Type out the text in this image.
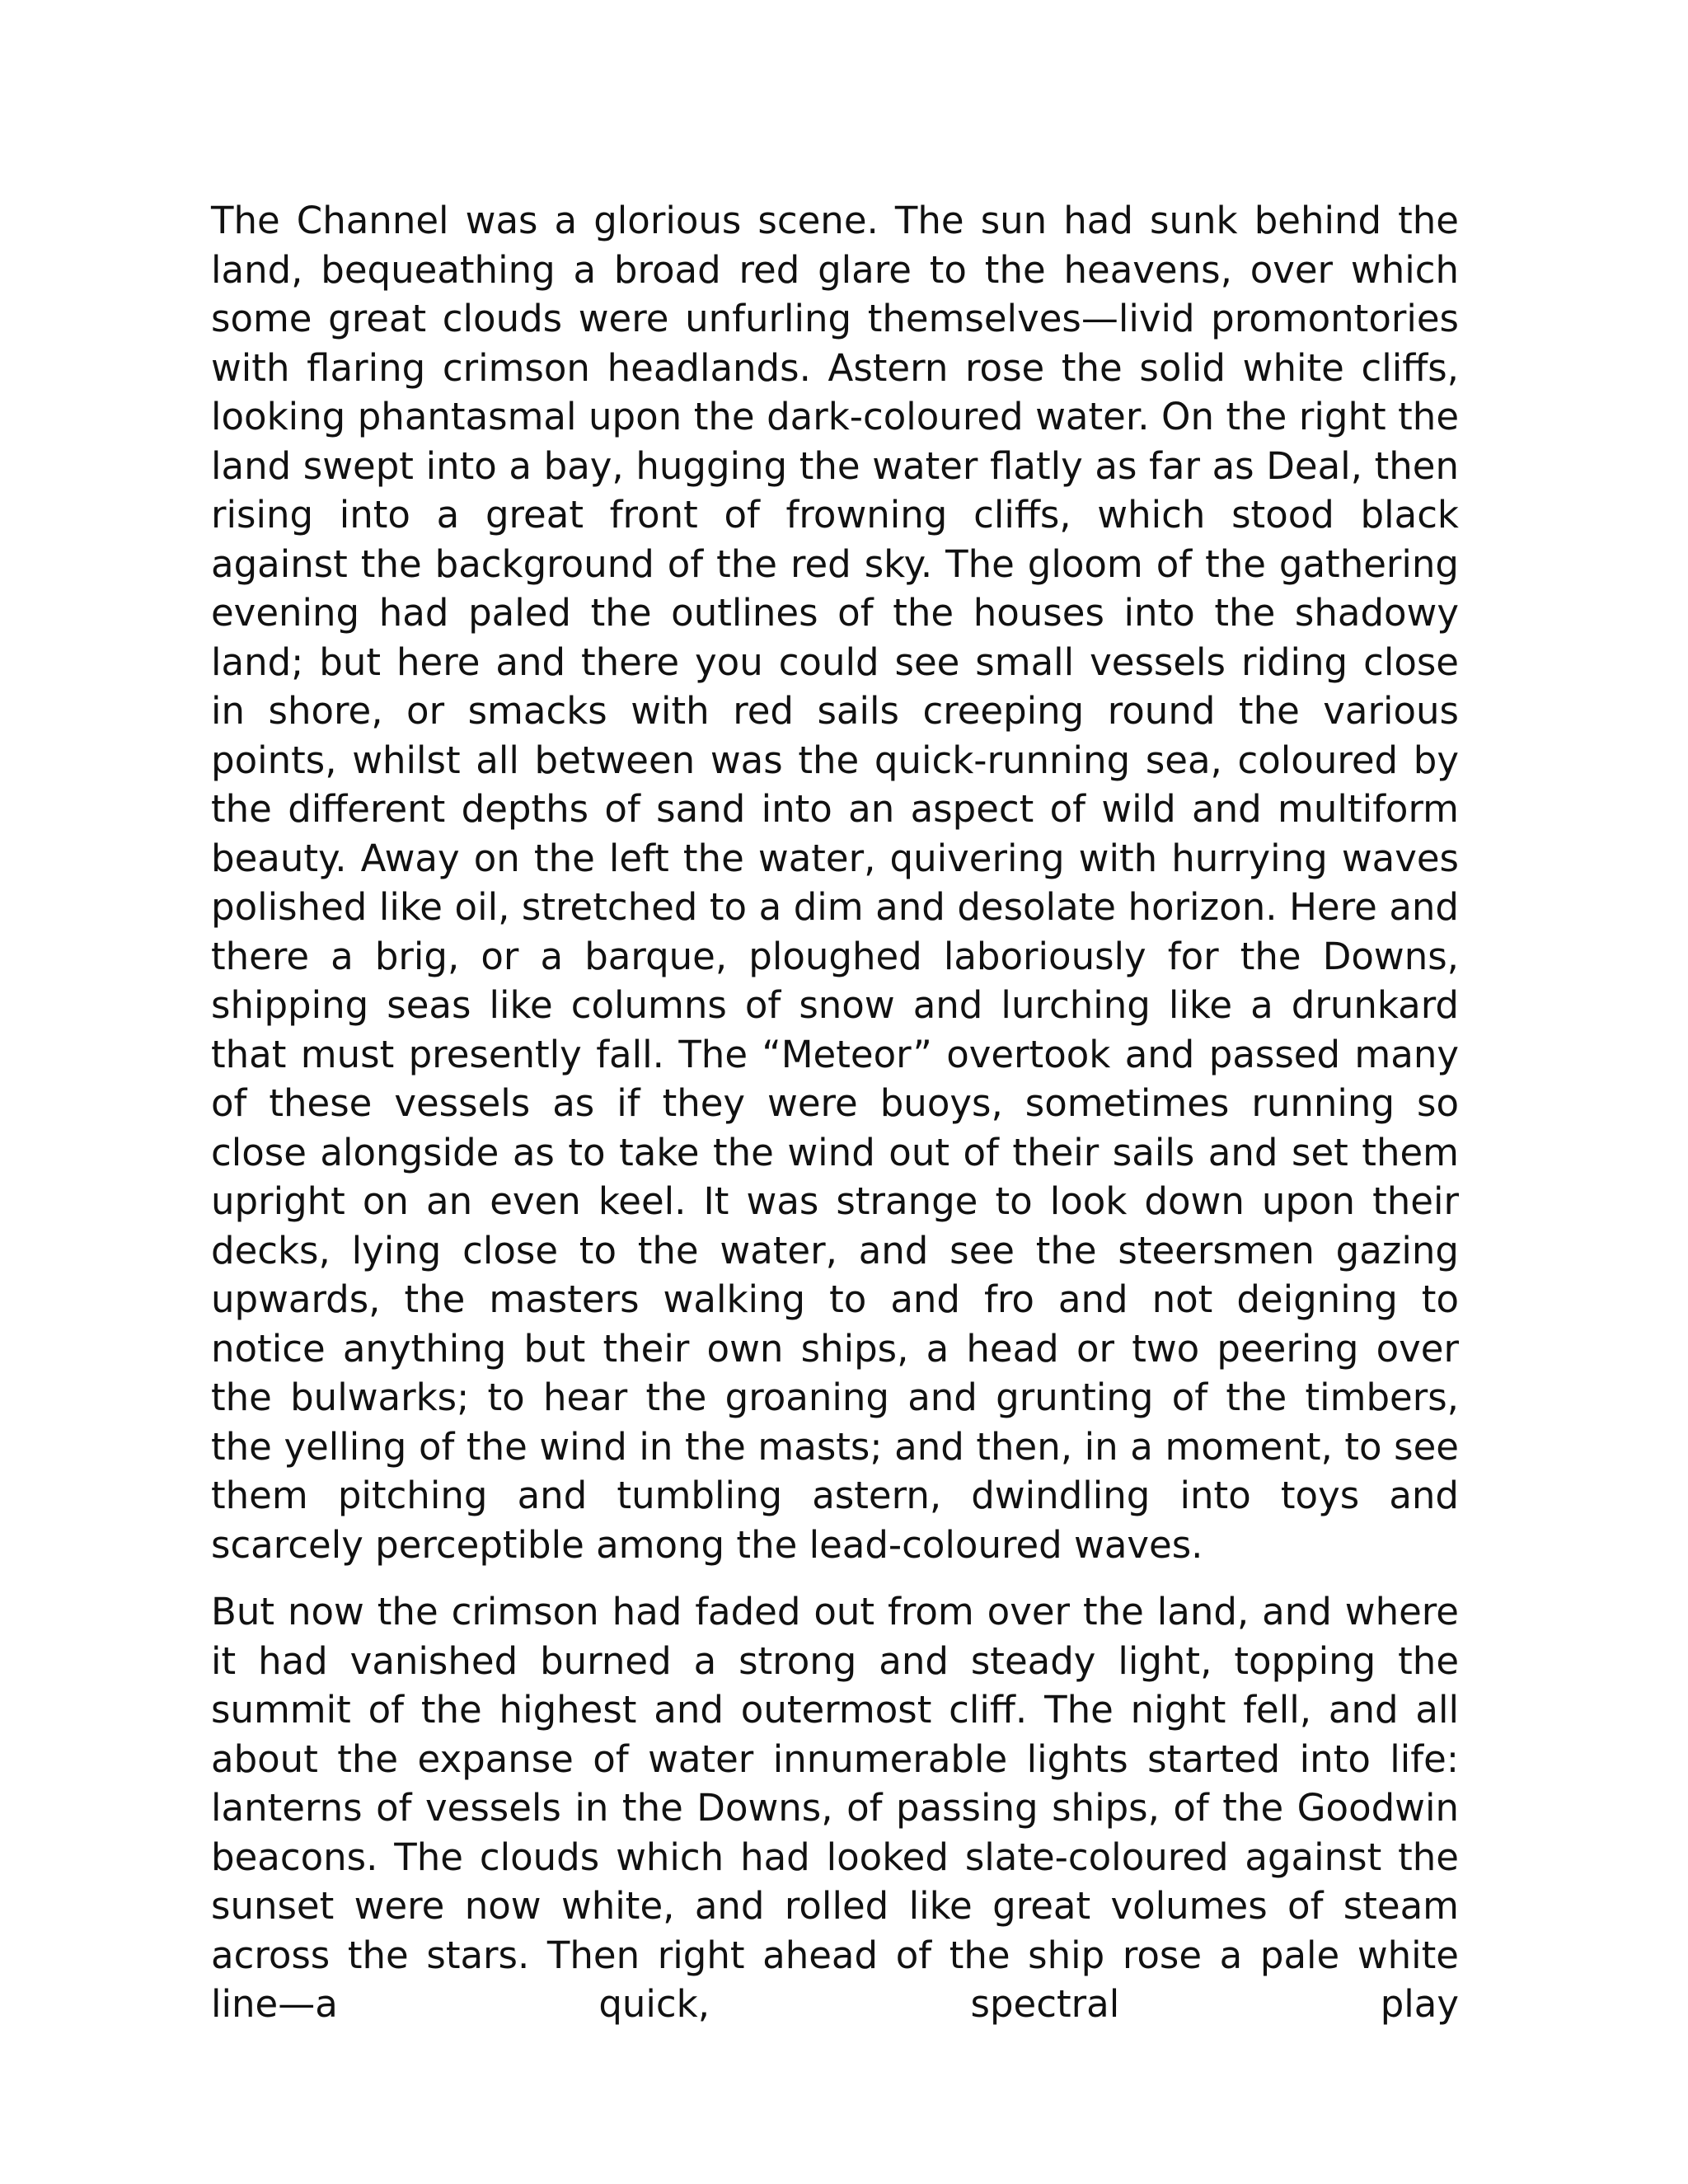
The Channel was a glorious scene. The sun had sunk behind the land, bequeathing a broad red glare to the heavens, over which some great clouds were unfurling themselves—livid promontories with flaring crimson headlands. Astern rose the solid white cliffs, looking phantasmal upon the dark-coloured water. On the right the land swept into a bay, hugging the water flatly as far as Deal, then rising into a great front of frowning cliffs, which stood black against the background of the red sky. The gloom of the gathering evening had paled the outlines of the houses into the shadowy land; but here and there you could see small vessels riding close in shore, or smacks with red sails creeping round the various points, whilst all between was the quick-running sea, coloured by the different depths of sand into an aspect of wild and multiform beauty. Away on the left the water, quivering with hurrying waves polished like oil, stretched to a dim and desolate horizon. Here and there a brig, or a barque, ploughed laboriously for the Downs, shipping seas like columns of snow and lurching like a drunkard that must presently fall. The “Meteor” overtook and passed many of these vessels as if they were buoys, sometimes running so close alongside as to take the wind out of their sails and set them upright on an even keel. It was strange to look down upon their decks, lying close to the water, and see the steersmen gazing upwards, the masters walking to and fro and not deigning to notice anything but their own ships, a head or two peering over the bulwarks; to hear the groaning and grunting of the timbers, the yelling of the wind in the masts; and then, in a moment, to see them pitching and tumbling astern, dwindling into toys and scarcely perceptible among the lead-coloured waves.

But now the crimson had faded out from over the land, and where it had vanished burned a strong and steady light, topping the summit of the highest and outermost cliff. The night fell, and all about the expanse of water innumerable lights started into life: lanterns of vessels in the Downs, of passing ships, of the Goodwin beacons. The clouds which had looked slate-coloured against the sunset were now white, and rolled like great volumes of steam across the stars. Then right ahead of the ship rose a pale white line—a quick, spectral play
